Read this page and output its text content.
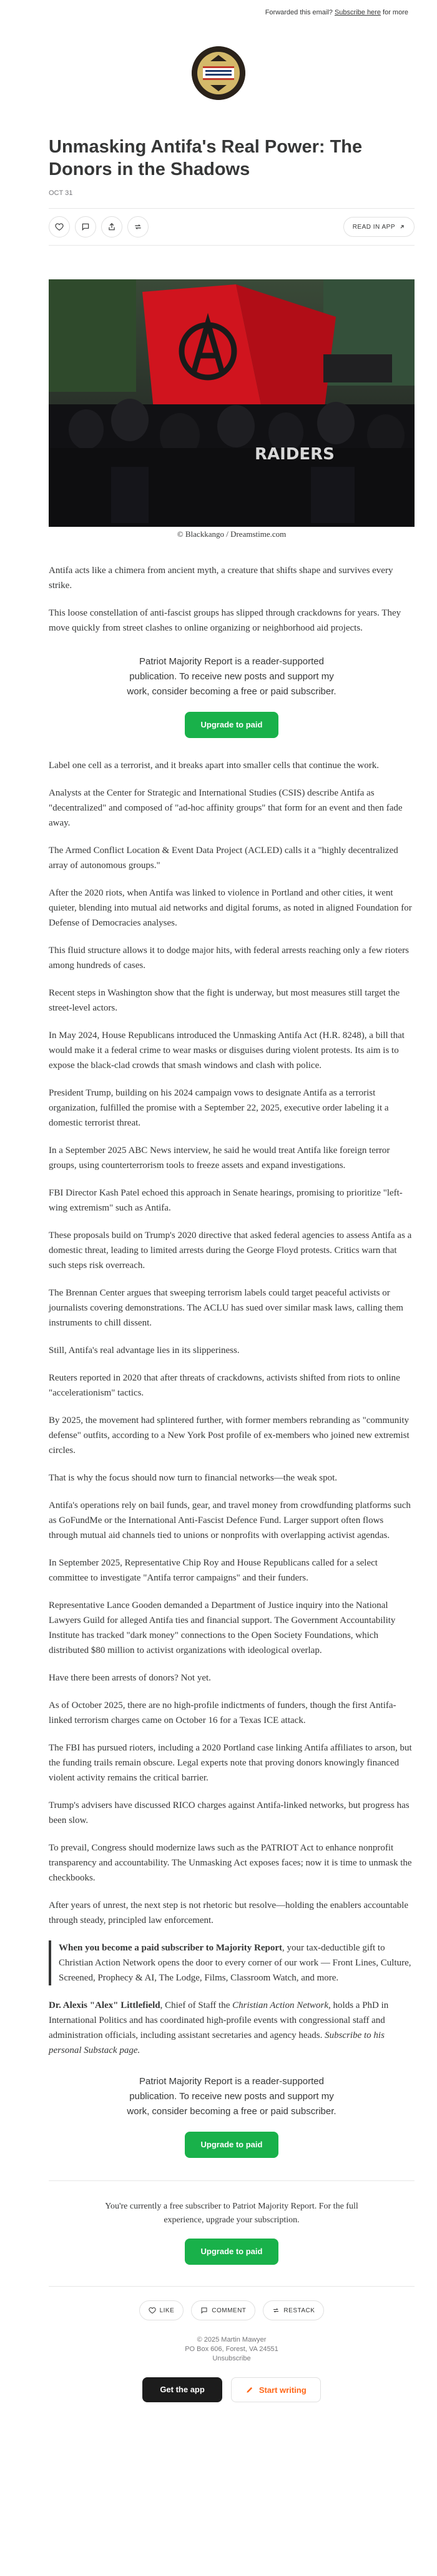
Forwarded this email? Subscribe here for more
Unmasking Antifa's Real Power: The Donors in the Shadows
OCT 31
READ IN APP
RAIDERS
© Blackkango / Dreamstime.com

Antifa acts like a chimera from ancient myth, a creature that shifts shape and survives every strike.

This loose constellation of anti-fascist groups has slipped through crackdowns for years. They move quickly from street clashes to online organizing or neighborhood aid projects.

Patriot Majority Report is a reader-supported publication. To receive new posts and support my work, consider becoming a free or paid subscriber.
Upgrade to paid

Label one cell as a terrorist, and it breaks apart into smaller cells that continue the work.

Analysts at the Center for Strategic and International Studies (CSIS) describe Antifa as "decentralized" and composed of "ad-hoc affinity groups" that form for an event and then fade away.

The Armed Conflict Location & Event Data Project (ACLED) calls it a "highly decentralized array of autonomous groups."

After the 2020 riots, when Antifa was linked to violence in Portland and other cities, it went quieter, blending into mutual aid networks and digital forums, as noted in aligned Foundation for Defense of Democracies analyses.

This fluid structure allows it to dodge major hits, with federal arrests reaching only a few rioters among hundreds of cases.

Recent steps in Washington show that the fight is underway, but most measures still target the street-level actors.

In May 2024, House Republicans introduced the Unmasking Antifa Act (H.R. 8248), a bill that would make it a federal crime to wear masks or disguises during violent protests. Its aim is to expose the black-clad crowds that smash windows and clash with police.

President Trump, building on his 2024 campaign vows to designate Antifa as a terrorist organization, fulfilled the promise with a September 22, 2025, executive order labeling it a domestic terrorist threat.

In a September 2025 ABC News interview, he said he would treat Antifa like foreign terror groups, using counterterrorism tools to freeze assets and expand investigations.

FBI Director Kash Patel echoed this approach in Senate hearings, promising to prioritize "left-wing extremism" such as Antifa.

These proposals build on Trump's 2020 directive that asked federal agencies to assess Antifa as a domestic threat, leading to limited arrests during the George Floyd protests. Critics warn that such steps risk overreach.

The Brennan Center argues that sweeping terrorism labels could target peaceful activists or journalists covering demonstrations. The ACLU has sued over similar mask laws, calling them instruments to chill dissent.

Still, Antifa's real advantage lies in its slipperiness.

Reuters reported in 2020 that after threats of crackdowns, activists shifted from riots to online "accelerationism" tactics.

By 2025, the movement had splintered further, with former members rebranding as "community defense" outfits, according to a New York Post profile of ex-members who joined new extremist circles.

That is why the focus should now turn to financial networks—the weak spot.

Antifa's operations rely on bail funds, gear, and travel money from crowdfunding platforms such as GoFundMe or the International Anti-Fascist Defence Fund. Larger support often flows through mutual aid channels tied to unions or nonprofits with overlapping activist agendas.

In September 2025, Representative Chip Roy and House Republicans called for a select committee to investigate "Antifa terror campaigns" and their funders.

Representative Lance Gooden demanded a Department of Justice inquiry into the National Lawyers Guild for alleged Antifa ties and financial support. The Government Accountability Institute has tracked "dark money" connections to the Open Society Foundations, which distributed $80 million to activist organizations with ideological overlap.

Have there been arrests of donors? Not yet.

As of October 2025, there are no high-profile indictments of funders, though the first Antifa-linked terrorism charges came on October 16 for a Texas ICE attack.

The FBI has pursued rioters, including a 2020 Portland case linking Antifa affiliates to arson, but the funding trails remain obscure. Legal experts note that proving donors knowingly financed violent activity remains the critical barrier.

Trump's advisers have discussed RICO charges against Antifa-linked networks, but progress has been slow.

To prevail, Congress should modernize laws such as the PATRIOT Act to enhance nonprofit transparency and accountability. The Unmasking Act exposes faces; now it is time to unmask the checkbooks.

After years of unrest, the next step is not rhetoric but resolve—holding the enablers accountable through steady, principled law enforcement.

When you become a paid subscriber to Majority Report, your tax-deductible gift to Christian Action Network opens the door to every corner of our work — Front Lines, Culture, Screened, Prophecy & AI, The Lodge, Films, Classroom Watch, and more.

Dr. Alexis "Alex" Littlefield, Chief of Staff the Christian Action Network, holds a PhD in International Politics and has coordinated high-profile events with congressional staff and administration officials, including assistant secretaries and agency heads. Subscribe to his personal Substack page.

Patriot Majority Report is a reader-supported publication. To receive new posts and support my work, consider becoming a free or paid subscriber.
Upgrade to paid

You're currently a free subscriber to Patriot Majority Report. For the full experience, upgrade your subscription.

Upgrade to paid
LIKE	COMMENT	RESTACK
© 2025 Martin Mawyer
PO Box 606, Forest, VA 24551
Unsubscribe
Get the app	Start writing
